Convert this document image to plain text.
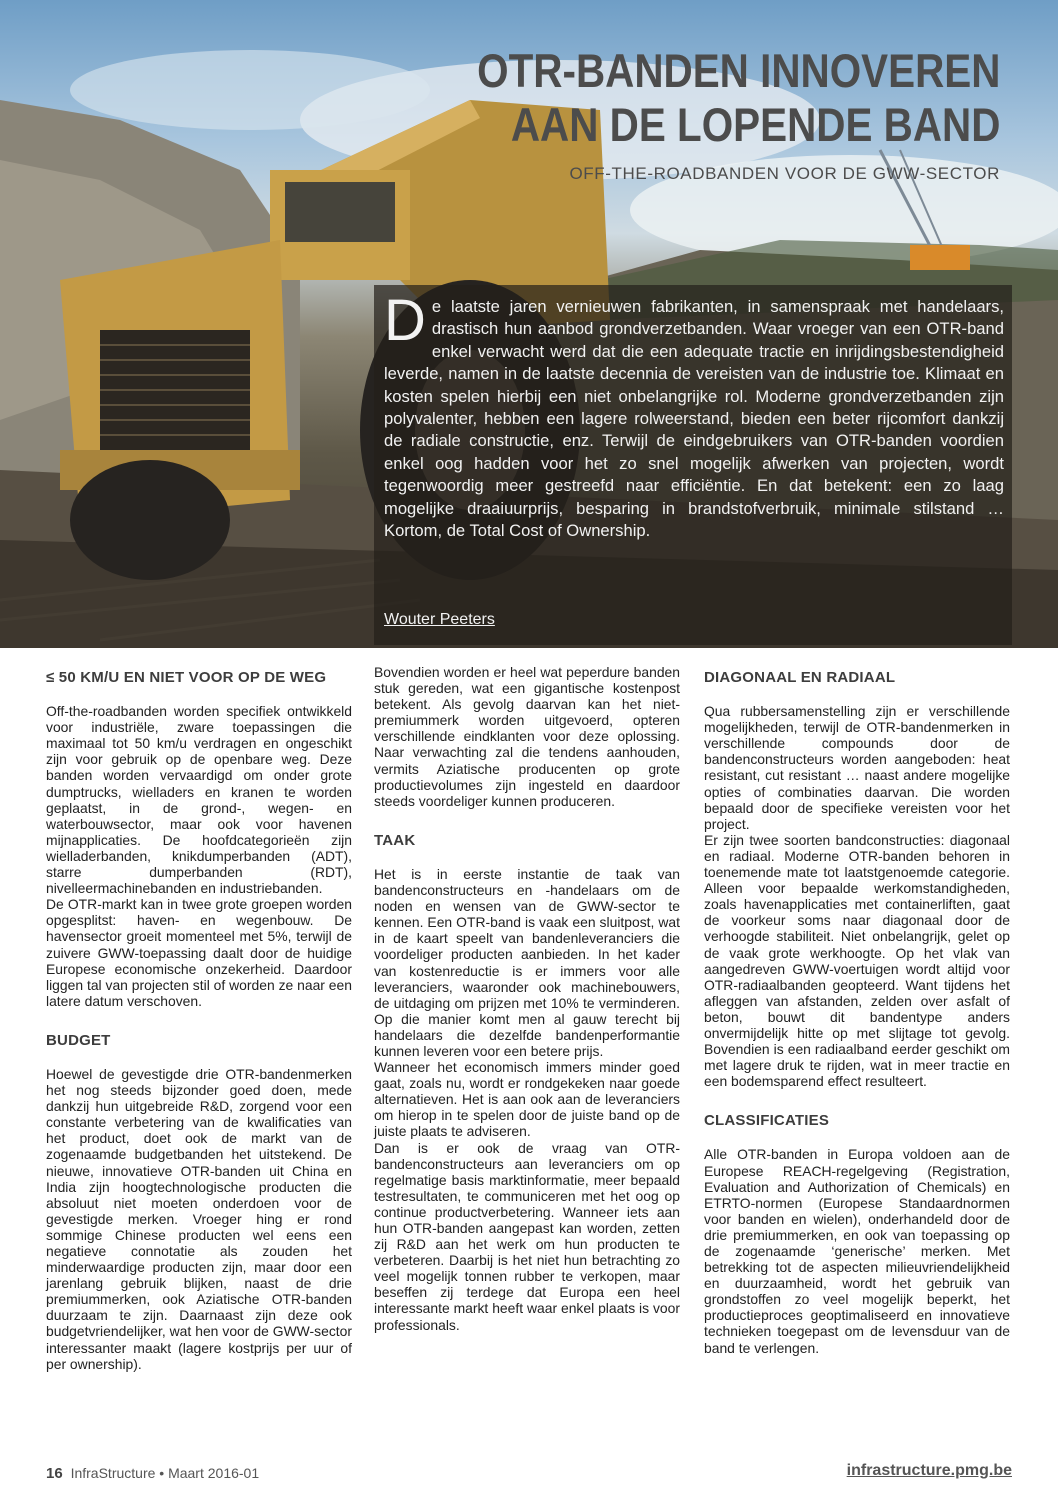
OTR-BANDEN INNOVEREN
AAN DE LOPENDE BAND
OFF-THE-ROADBANDEN VOOR DE GWW-SECTOR
De laatste jaren vernieuwen fabrikanten, in samenspraak met handelaars, drastisch hun aanbod grondverzetbanden. Waar vroeger van een OTR-band enkel verwacht werd dat die een adequate tractie en inrijdingsbestendigheid leverde, namen in de laatste decennia de vereisten van de industrie toe. Klimaat en kosten spelen hierbij een niet onbelangrijke rol. Moderne grondverzetbanden zijn polyvalenter, hebben een lagere rolweerstand, bieden een beter rijcomfort dankzij de radiale constructie, enz. Terwijl de eindgebruikers van OTR-banden voordien enkel oog hadden voor het zo snel mogelijk afwerken van projecten, wordt tegenwoordig meer gestreefd naar efficiëntie. En dat betekent: een zo laag mogelijke draaiuurprijs, besparing in brandstofverbruik, minimale stilstand … Kortom, de Total Cost of Ownership.
Wouter Peeters
≤ 50 KM/U EN NIET VOOR OP DE WEG

Off-the-roadbanden worden specifiek ontwikkeld voor industriële, zware toepassingen die maximaal tot 50 km/u verdragen en ongeschikt zijn voor gebruik op de openbare weg. Deze banden worden vervaardigd om onder grote dumptrucks, wielladers en kranen te worden geplaatst, in de grond-, wegen- en waterbouwsector, maar ook voor havenen mijnapplicaties. De hoofdcategorieën zijn wielladerbanden, knikdumperbanden (ADT), starre dumperbanden (RDT), nivelleermachinebanden en industriebanden.

De OTR-markt kan in twee grote groepen worden opgesplitst: haven- en wegenbouw. De havensector groeit momenteel met 5%, terwijl de zuivere GWW-toepassing daalt door de huidige Europese economische onzekerheid. Daardoor liggen tal van projecten stil of worden ze naar een latere datum verschoven.

BUDGET

Hoewel de gevestigde drie OTR-bandenmerken het nog steeds bijzonder goed doen, mede dankzij hun uitgebreide R&D, zorgend voor een constante verbetering van de kwalificaties van het product, doet ook de markt van de zogenaamde budgetbanden het uitstekend. De nieuwe, innovatieve OTR-banden uit China en India zijn hoogtechnologische producten die absoluut niet moeten onderdoen voor de gevestigde merken. Vroeger hing er rond sommige Chinese producten wel eens een negatieve connotatie als zouden het minderwaardige producten zijn, maar door een jarenlang gebruik blijken, naast de drie premiummerken, ook Aziatische OTR-banden duurzaam te zijn. Daarnaast zijn deze ook budgetvriendelijker, wat hen voor de GWW-sector interessanter maakt (lagere kostprijs per uur of per ownership).

Bovendien worden er heel wat peperdure banden stuk gereden, wat een gigantische kostenpost betekent. Als gevolg daarvan kan het niet-premiummerk worden uitgevoerd, opteren verschillende eindklanten voor deze oplossing. Naar verwachting zal die tendens aanhouden, vermits Aziatische producenten op grote productievolumes zijn ingesteld en daardoor steeds voordeliger kunnen produceren.

TAAK

Het is in eerste instantie de taak van bandenconstructeurs en -handelaars om de noden en wensen van de GWW-sector te kennen. Een OTR-band is vaak een sluitpost, wat in de kaart speelt van bandenleveranciers die voordeliger producten aanbieden. In het kader van kostenreductie is er immers voor alle leveranciers, waaronder ook machinebouwers, de uitdaging om prijzen met 10% te verminderen. Op die manier komt men al gauw terecht bij handelaars die dezelfde bandenperformantie kunnen leveren voor een betere prijs.

Wanneer het economisch immers minder goed gaat, zoals nu, wordt er rondgekeken naar goede alternatieven. Het is aan ook aan de leveranciers om hierop in te spelen door de juiste band op de juiste plaats te adviseren.

Dan is er ook de vraag van OTR-bandenconstructeurs aan leveranciers om op regelmatige basis marktinformatie, meer bepaald testresultaten, te communiceren met het oog op continue productverbetering. Wanneer iets aan hun OTR-banden aangepast kan worden, zetten zij R&D aan het werk om hun producten te verbeteren. Daarbij is het niet hun betrachting zo veel mogelijk tonnen rubber te verkopen, maar beseffen zij terdege dat Europa een heel interessante markt heeft waar enkel plaats is voor professionals.

DIAGONAAL EN RADIAAL

Qua rubbersamenstelling zijn er verschillende mogelijkheden, terwijl de OTR-bandenmerken in verschillende compounds door de bandenconstructeurs worden aangeboden: heat resistant, cut resistant … naast andere mogelijke opties of combinaties daarvan. Die worden bepaald door de specifieke vereisten voor het project.

Er zijn twee soorten bandconstructies: diagonaal en radiaal. Moderne OTR-banden behoren in toenemende mate tot laatstgenoemde categorie. Alleen voor bepaalde werkomstandigheden, zoals havenapplicaties met containerliften, gaat de voorkeur soms naar diagonaal door de verhoogde stabiliteit. Niet onbelangrijk, gelet op de vaak grote werkhoogte. Op het vlak van aangedreven GWW-voertuigen wordt altijd voor OTR-radiaalbanden geopteerd. Want tijdens het afleggen van afstanden, zelden over asfalt of beton, bouwt dit bandentype anders onvermijdelijk hitte op met slijtage tot gevolg. Bovendien is een radiaalband eerder geschikt om met lagere druk te rijden, wat in meer tractie en een bodemsparend effect resulteert.

CLASSIFICATIES

Alle OTR-banden in Europa voldoen aan de Europese REACH-regelgeving (Registration, Evaluation and Authorization of Chemicals) en ETRTO-normen (Europese Standaardnormen voor banden en wielen), onderhandeld door de drie premiummerken, en ook van toepassing op de zogenaamde ‘generische’ merken. Met betrekking tot de aspecten milieuvriendelijkheid en duurzaamheid, wordt het gebruik van grondstoffen zo veel mogelijk beperkt, het productieproces geoptimaliseerd en innovatieve technieken toegepast om de levensduur van de band te verlengen.

16 InfraStructure • Maart 2016-01	infrastructure.pmg.be
